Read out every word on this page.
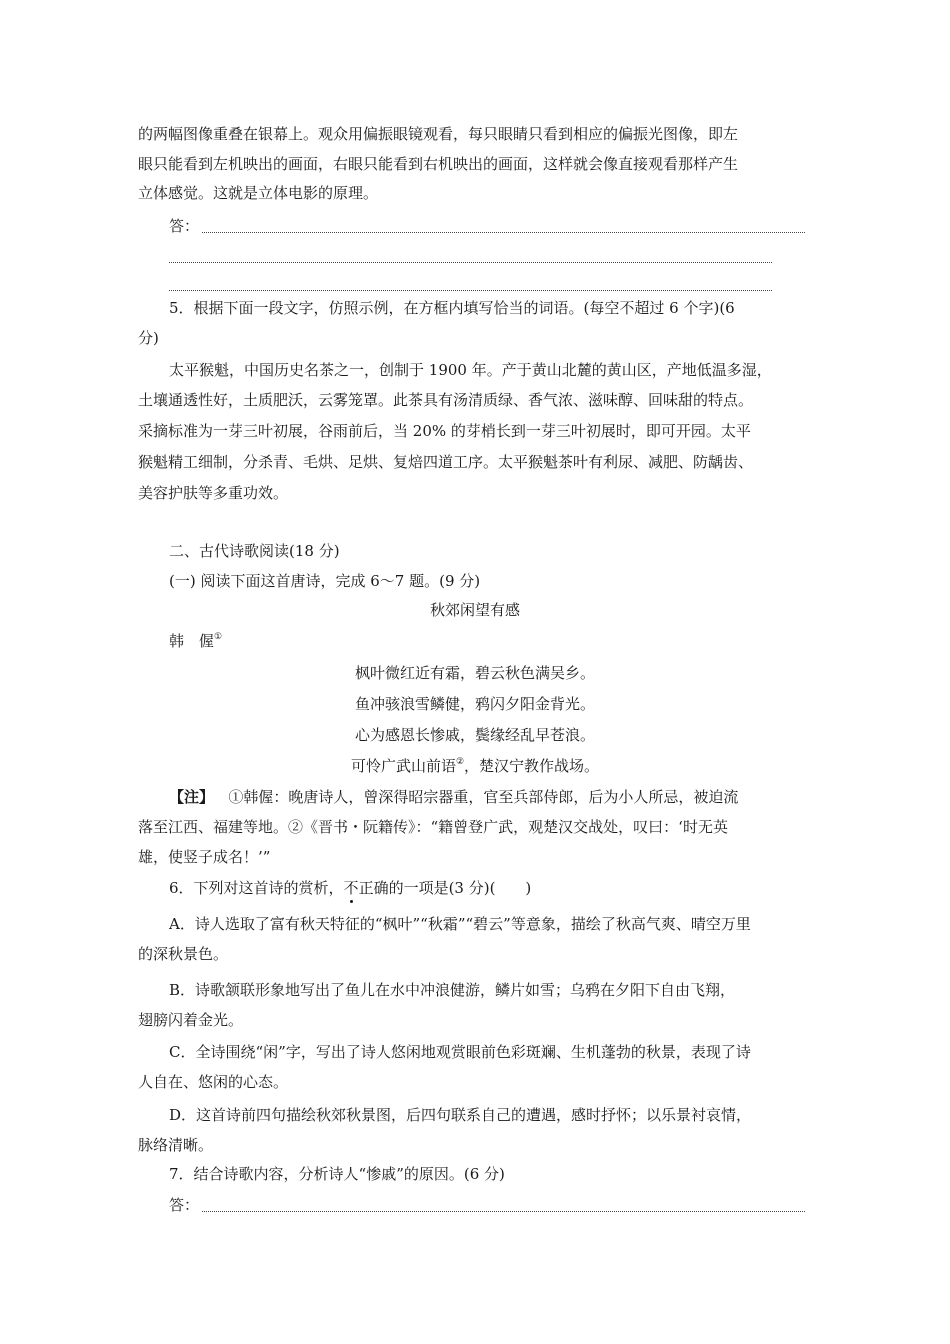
的两幅图像重叠在银幕上。观众用偏振眼镜观看，每只眼睛只看到相应的偏振光图像，即左
眼只能看到左机映出的画面，右眼只能看到右机映出的画面，这样就会像直接观看那样产生
立体感觉。这就是立体电影的原理。
答：
5．根据下面一段文字，仿照示例，在方框内填写恰当的词语。(每空不超过 6 个字)(6
分)
太平猴魁，中国历史名茶之一，创制于 1900 年。产于黄山北麓的黄山区，产地低温多湿，
土壤通透性好，土质肥沃，云雾笼罩。此茶具有汤清质绿、香气浓、滋味醇、回味甜的特点。
采摘标准为一芽三叶初展，谷雨前后，当 20% 的芽梢长到一芽三叶初展时，即可开园。太平
猴魁精工细制，分杀青、毛烘、足烘、复焙四道工序。太平猴魁茶叶有利尿、减肥、防龋齿、
美容护肤等多重功效。
二、古代诗歌阅读(18 分)
(一) 阅读下面这首唐诗，完成 6～7 题。(9 分)
秋郊闲望有感
韩　偓①
枫叶微红近有霜，碧云秋色满吴乡。
鱼冲骇浪雪鳞健，鸦闪夕阳金背光。
心为感恩长惨戚，鬓缘经乱早苍浪。
可怜广武山前语②，楚汉宁教作战场。
【注】 ①韩偓：晚唐诗人，曾深得昭宗器重，官至兵部侍郎，后为小人所忌，被迫流
落至江西、福建等地。②《晋书・阮籍传》：“籍曾登广武，观楚汉交战处，叹曰：‘时无英
雄，使竖子成名！’”
6．下列对这首诗的赏析，不正确的一项是(3 分)(　　)
A．诗人选取了富有秋天特征的“枫叶”“秋霜”“碧云”等意象，描绘了秋高气爽、晴空万里
的深秋景色。
B．诗歌颔联形象地写出了鱼儿在水中冲浪健游，鳞片如雪；乌鸦在夕阳下自由飞翔，
翅膀闪着金光。
C．全诗围绕“闲”字，写出了诗人悠闲地观赏眼前色彩斑斓、生机蓬勃的秋景，表现了诗
人自在、悠闲的心态。
D．这首诗前四句描绘秋郊秋景图，后四句联系自己的遭遇，感时抒怀；以乐景衬哀情，
脉络清晰。
7．结合诗歌内容，分析诗人“惨戚”的原因。(6 分)
答：
